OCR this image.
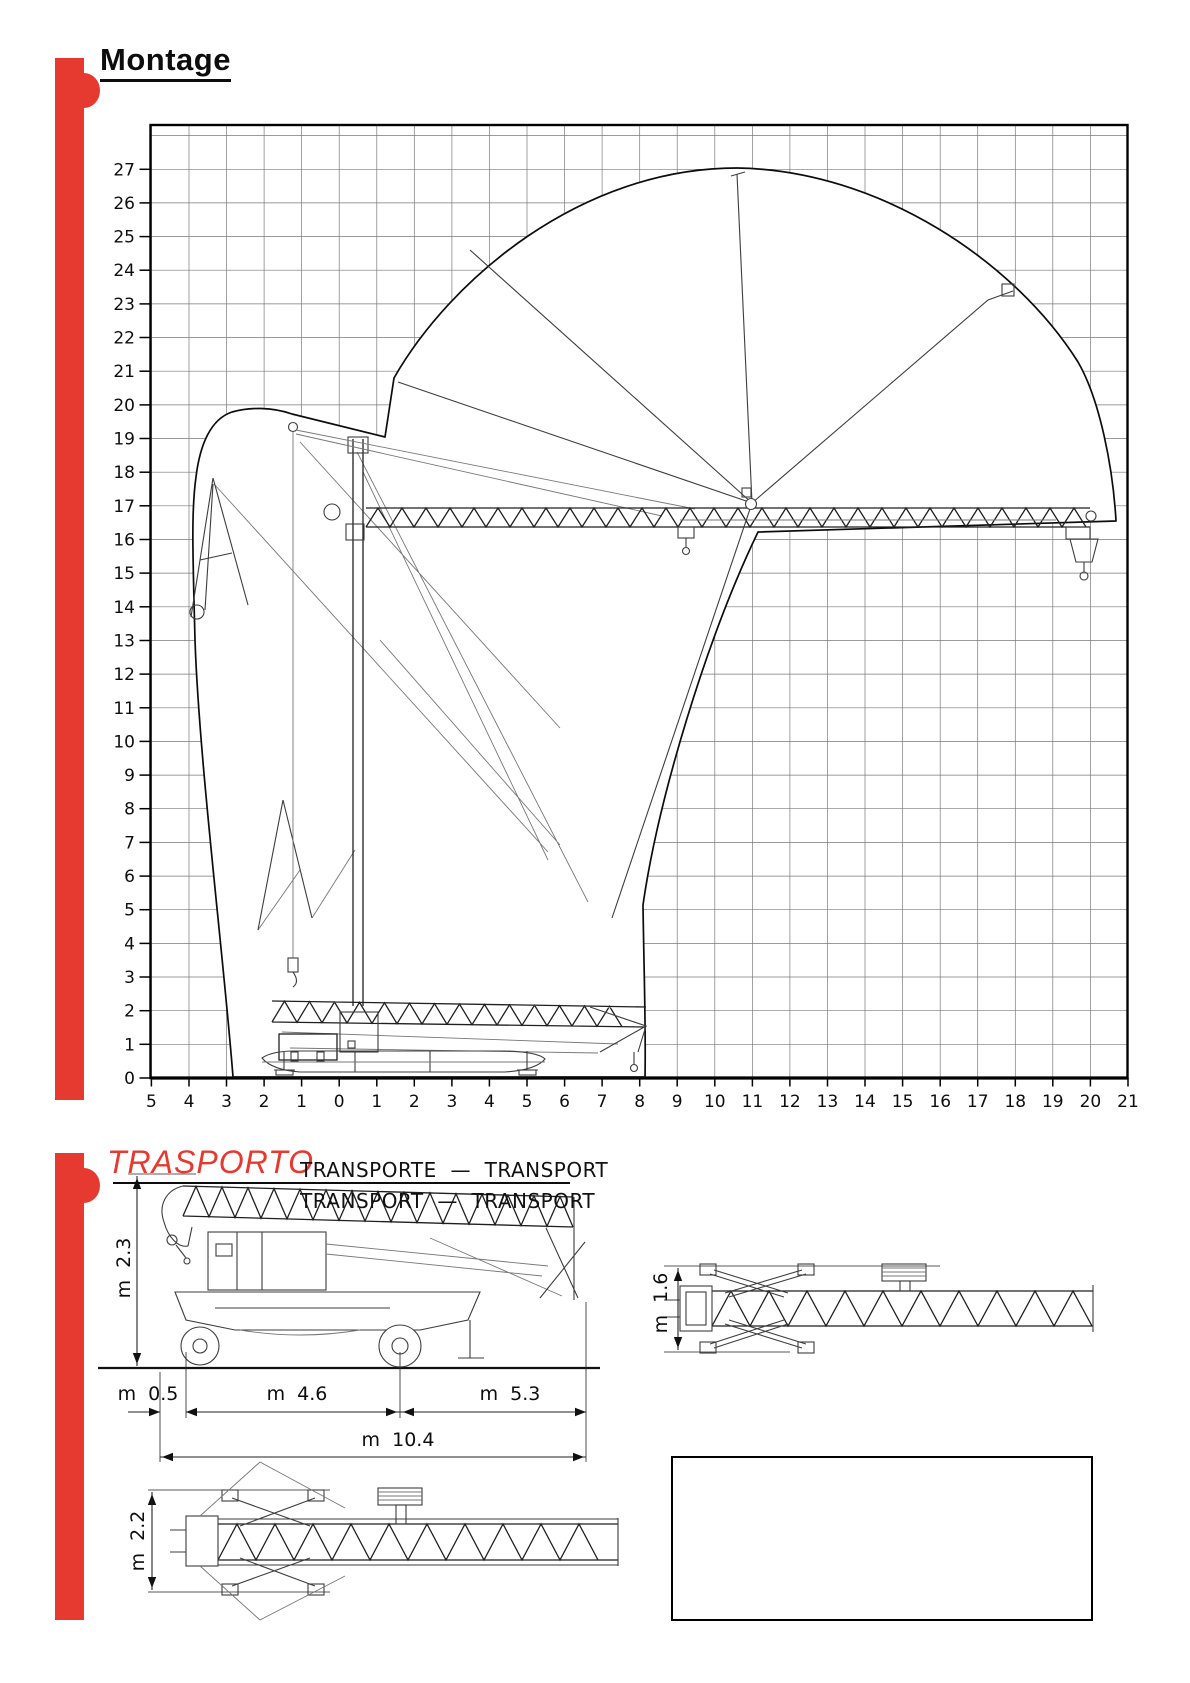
Montage
0
1
2
3
4
5
6
7
8
9
10
11
12
13
14
15
16
17
18
19
20
21
22
23
24
25
26
27
5 4 3 2 1 0 1 2 3 4 5 6 7 8 9 10 11 12 13 14 15 16 17 18 19 20 21
TRASPORTO
TRANSPORTE  —  TRANSPORT
TRANSPORT  —  TRANSPORT
m  2.3
m  0.5	m  4.6	m  5.3
m  10.4
m  1.6
m  2.2
